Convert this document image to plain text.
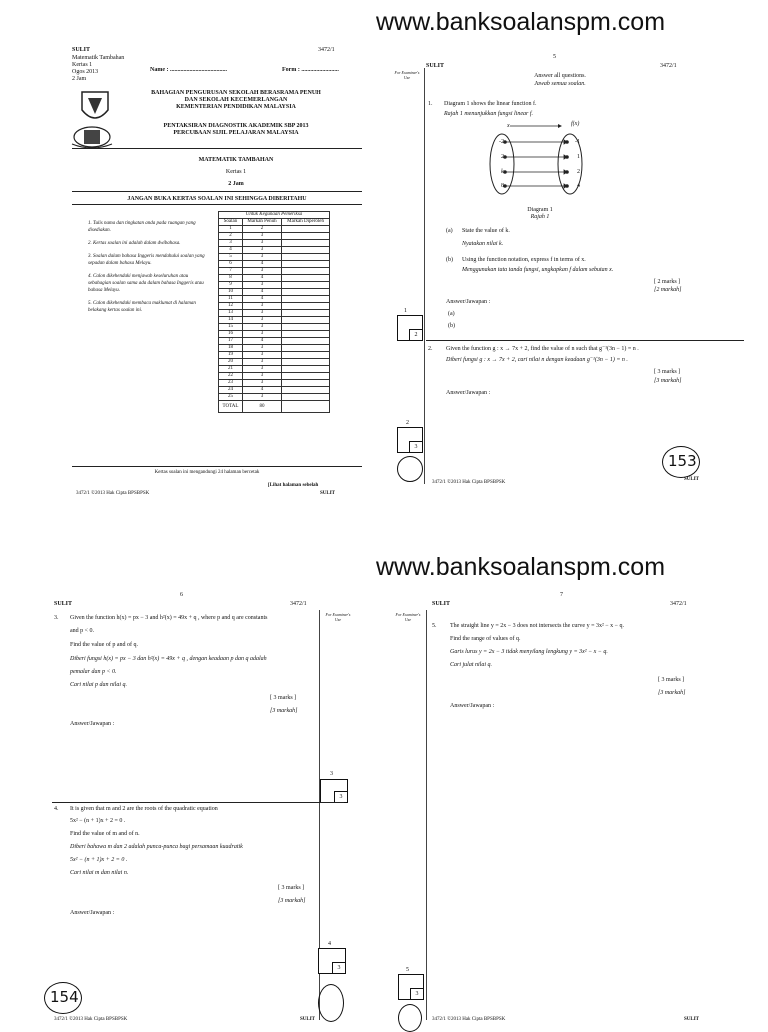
www.banksoalanspm.com
www.banksoalanspm.com
SULIT	3472/1
Matematik Tambahan
Kertas 1
Ogos 2013
2 Jam
Name : ......................................	Form : .........................
BAHAGIAN PENGURUSAN SEKOLAH BERASRAMA PENUH
DAN SEKOLAH KECEMERLANGAN
KEMENTERIAN PENDIDIKAN MALAYSIA
PENTAKSIRAN DIAGNOSTIK AKADEMIK SBP 2013
PERCUBAAN SIJIL PELAJARAN MALAYSIA
MATEMATIK TAMBAHAN
Kertas 1
2 Jam
JANGAN BUKA KERTAS SOALAN INI SEHINGGA DIBERITAHU
1. Tulis nama dan tingkatan anda pada ruangan yang disediakan.
2. Kertas soalan ini adalah dalam dwibahasa.
3. Soalan dalam bahasa Inggeris mendahului soalan yang sepadan dalam bahasa Melayu.
4. Calon dikehendaki menjawab keseluruhan atau sebahagian soalan sama ada dalam bahasa Inggeris atau bahasa Melayu.
5. Calon dikehendaki membaca maklumat di halaman belakang kertas soalan ini.
Untuk Kegunaan Pemeriksa		
Soalan	Markah Penuh	Markah Diperoleh
1	2	
2	3	
3	3	
4	3	
5	3	
6	4	
7	3	
8	4	
9	3	
10	4	
11	4	
12	3	
13	3	
14	3	
15	3	
16	3	
17	4	
18	3	
19	3	
20	3	
21	3	
22	3	
23	3	
24	4	
25	3	
TOTAL	80	
Kertas soalan ini mengandungi 24 halaman bercetak
[Lihat halaman sebelah
SULIT
3472/1 ©2013 Hak Cipta BPSBPSK
5
SULIT	3472/1
For Examiner's Use	Answer all questions.
Jawab semua soalan.
1. Diagram 1 shows the linear function f.
Rajah 1 menunjukkan fungsi linear f.
x	f(x)
-2
2
k
8
-1
1
2
4
Diagram 1
Rajah 1
(a) State the value of k.
Nyatakan nilai k.
(b) Using the function notation, express f in terms of x.
Menggunakan tata tanda fungsi, ungkapkan f dalam sebutan x.
[ 2 marks ]
[2 markah]
Answer/Jawapan :
(a)
(b)
1
2
2. Given the function g : x → 7x + 2, find the value of n such that g⁻¹(3n − 1) = n .
Diberi fungsi g : x → 7x + 2, cari nilai n dengan keadaan g⁻¹(3n − 1) = n .
[ 3 marks ]
[3 markah]
Answer/Jawapan :
2
3
3472/1 ©2013 Hak Cipta BPSBPSK
SULIT
153
6
SULIT	3472/1
For Examiner's Use
3. Given the function h(x) = px − 3 and h²(x) = 49x + q , where p and q are constants
and p < 0.
Find the value of p and of q.
Diberi fungsi h(x) = px − 3 dan h²(x) = 49x + q , dengan keadaan p dan q adalah
pemalar dan p < 0.
Cari nilai p dan nilai q.
[ 3 marks ]
[3 markah]
Answer/Jawapan :
3
3
4. It is given that m and 2 are the roots of the quadratic equation
5x² − (n + 1)x + 2 = 0 .
Find the value of m and of n.
Diberi bahawa m dan 2 adalah punca-punca bagi persamaan kuadratik
5x² − (n + 1)x + 2 = 0 .
Cari nilai m dan nilai n.
[ 3 marks ]
[3 markah]
Answer/Jawapan :
4
3
154
3472/1 ©2013 Hak Cipta BPSBPSK	SULIT
7
SULIT	3472/1
For Examiner's Use
5. The straight line y = 2x − 3 does not intersects the curve y = 3x² − x − q.
Find the range of values of q.
Garis lurus y = 2x − 3 tidak menyilang lengkung y = 3x² − x − q.
Cari julat nilai q.
[ 3 marks ]
[3 markah]
Answer/Jawapan :
5
3
3472/1 ©2013 Hak Cipta BPSBPSK	SULIT
